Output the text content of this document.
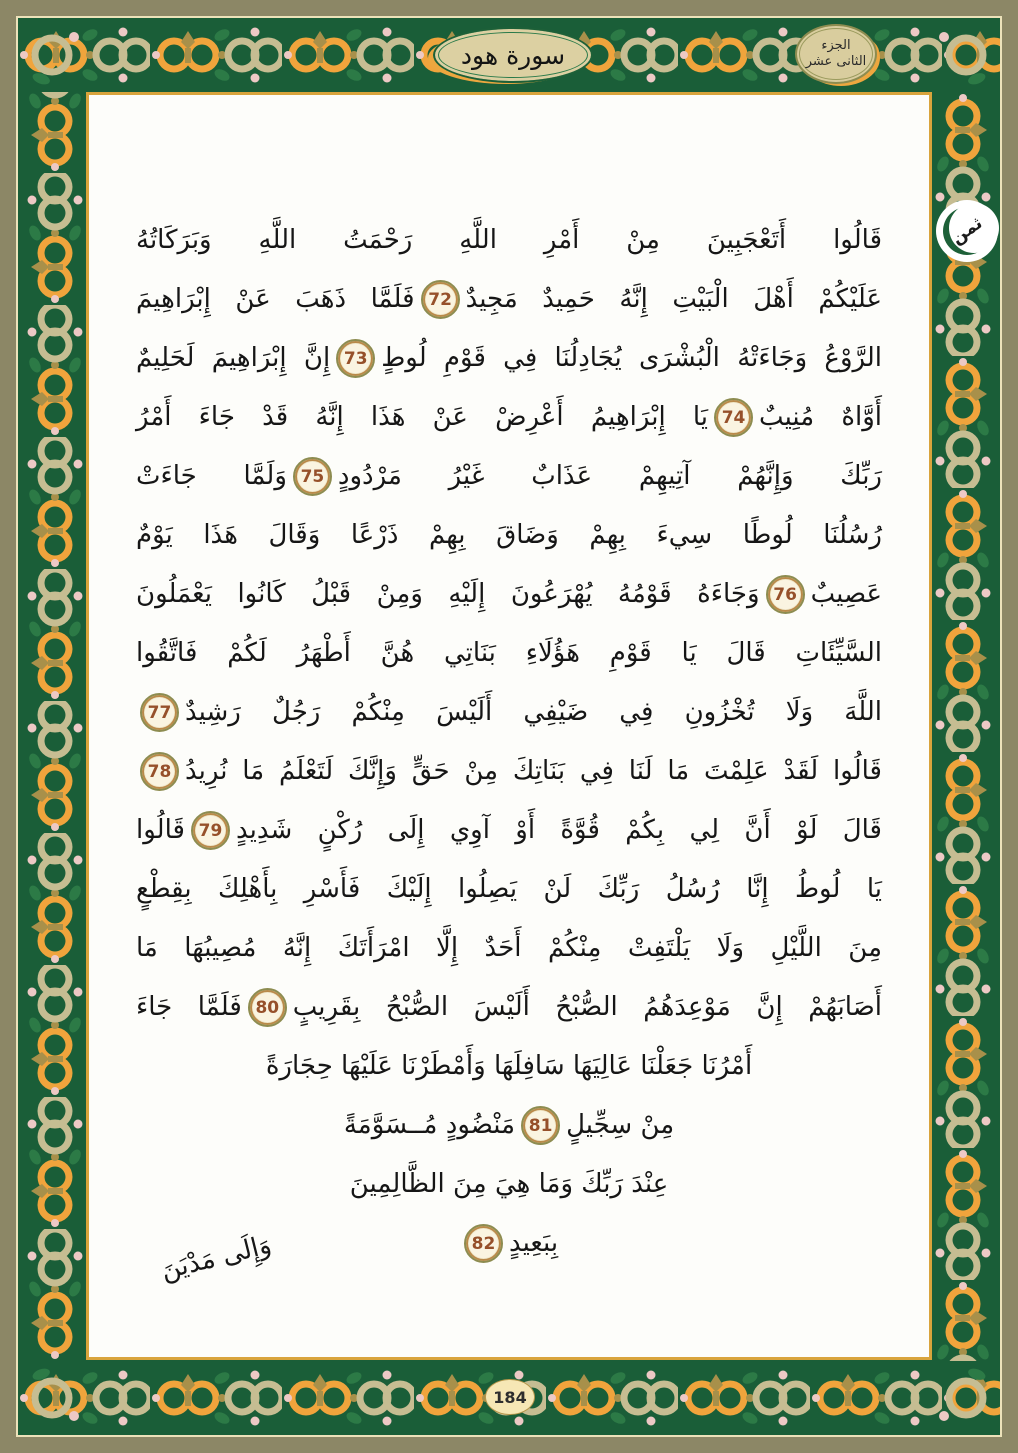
سورة هود	الجزء
الثانى عشر
ثمن
قَالُوا أَتَعْجَبِينَ مِنْ أَمْرِ اللَّهِ رَحْمَتُ اللَّهِ وَبَرَكَاتُهُ
عَلَيْكُمْ أَهْلَ الْبَيْتِ إِنَّهُ حَمِيدٌ مَجِيدٌ72فَلَمَّا ذَهَبَ عَنْ إِبْرَاهِيمَ
الرَّوْعُ وَجَاءَتْهُ الْبُشْرَى يُجَادِلُنَا فِي قَوْمِ لُوطٍ73إِنَّ إِبْرَاهِيمَ لَحَلِيمٌ
أَوَّاهٌ مُنِيبٌ74يَا إِبْرَاهِيمُ أَعْرِضْ عَنْ هَذَا إِنَّهُ قَدْ جَاءَ أَمْرُ
رَبِّكَ وَإِنَّهُمْ آتِيهِمْ عَذَابٌ غَيْرُ مَرْدُودٍ75وَلَمَّا جَاءَتْ
رُسُلُنَا لُوطًا سِيءَ بِهِمْ وَضَاقَ بِهِمْ ذَرْعًا وَقَالَ هَذَا يَوْمٌ
عَصِيبٌ76وَجَاءَهُ قَوْمُهُ يُهْرَعُونَ إِلَيْهِ وَمِنْ قَبْلُ كَانُوا يَعْمَلُونَ
السَّيِّئَاتِ قَالَ يَا قَوْمِ هَؤُلَاءِ بَنَاتِي هُنَّ أَطْهَرُ لَكُمْ فَاتَّقُوا
اللَّهَ وَلَا تُخْزُونِ فِي ضَيْفِي أَلَيْسَ مِنْكُمْ رَجُلٌ رَشِيدٌ77
قَالُوا لَقَدْ عَلِمْتَ مَا لَنَا فِي بَنَاتِكَ مِنْ حَقٍّ وَإِنَّكَ لَتَعْلَمُ مَا نُرِيدُ78
قَالَ لَوْ أَنَّ لِي بِكُمْ قُوَّةً أَوْ آوِي إِلَى رُكْنٍ شَدِيدٍ79قَالُوا
يَا لُوطُ إِنَّا رُسُلُ رَبِّكَ لَنْ يَصِلُوا إِلَيْكَ فَأَسْرِ بِأَهْلِكَ بِقِطْعٍ
مِنَ اللَّيْلِ وَلَا يَلْتَفِتْ مِنْكُمْ أَحَدٌ إِلَّا امْرَأَتَكَ إِنَّهُ مُصِيبُهَا مَا
أَصَابَهُمْ إِنَّ مَوْعِدَهُمُ الصُّبْحُ أَلَيْسَ الصُّبْحُ بِقَرِيبٍ80فَلَمَّا جَاءَ
أَمْرُنَا جَعَلْنَا عَالِيَهَا سَافِلَهَا وَأَمْطَرْنَا عَلَيْهَا حِجَارَةً
مِنْ سِجِّيلٍ81مَنْضُودٍ مُــسَوَّمَةً
عِنْدَ رَبِّكَ وَمَا هِيَ مِنَ الظَّالِمِينَ
بِبَعِيدٍ82
وَإِلَى مَدْيَنَ
184
